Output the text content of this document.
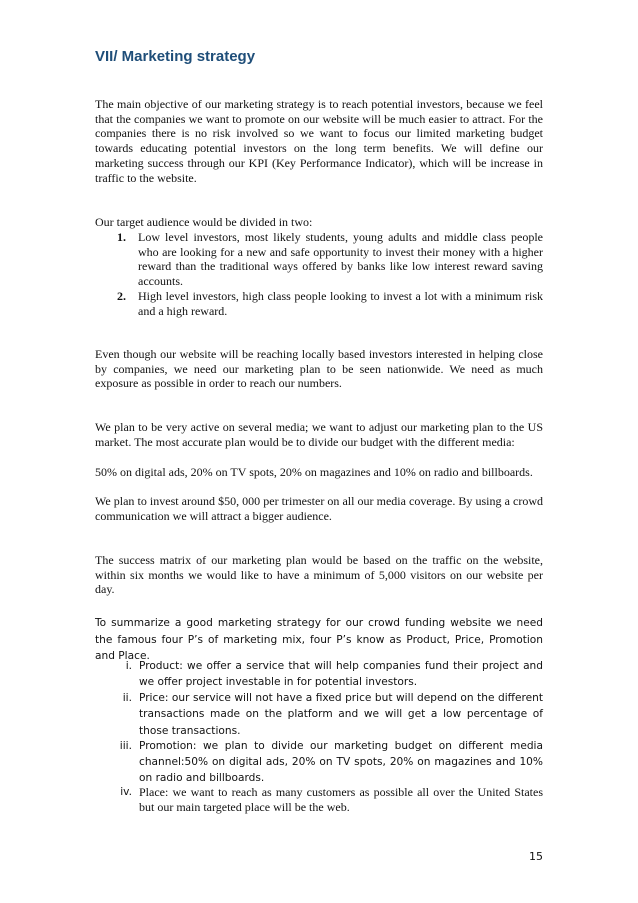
VII/ Marketing strategy

The main objective of our marketing strategy is to reach potential investors, because we feel that the companies we want to promote on our website will be much easier to attract. For the companies there is no risk involved so we want to focus our limited marketing budget towards educating potential investors on the long term benefits. We will define our marketing success through our KPI (Key Performance Indicator), which will be increase in traffic to the website.

Our target audience would be divided in two:

1. Low level investors, most likely students, young adults and middle class people who are looking for a new and safe opportunity to invest their money with a higher reward than the traditional ways offered by banks like low interest reward saving accounts.
2. High level investors, high class people looking to invest a lot with a minimum risk and a high reward.

Even though our website will be reaching locally based investors interested in helping close by companies, we need our marketing plan to be seen nationwide. We need as much exposure as possible in order to reach our numbers.

We plan to be very active on several media; we want to adjust our marketing plan to the US market. The most accurate plan would be to divide our budget with the different media:

50% on digital ads, 20% on TV spots, 20% on magazines and 10% on radio and billboards.

We plan to invest around $50, 000 per trimester on all our media coverage. By using a crowd communication we will attract a bigger audience.

The success matrix of our marketing plan would be based on the traffic on the website, within six months we would like to have a minimum of 5,000 visitors on our website per day.

To summarize a good marketing strategy for our crowd funding website we need the famous four P’s of marketing mix, four P’s know as Product, Price, Promotion and Place.

i. Product: we offer a service that will help companies fund their project and we offer project investable in for potential investors.

ii. Price: our service will not have a fixed price but will depend on the different transactions made on the platform and we will get a low percentage of those transactions.

iii. Promotion: we plan to divide our marketing budget on different media channel:50% on digital ads, 20% on TV spots, 20% on magazines and 10% on radio and billboards.

iv. Place: we want to reach as many customers as possible all over the United States but our main targeted place will be the web.

15
